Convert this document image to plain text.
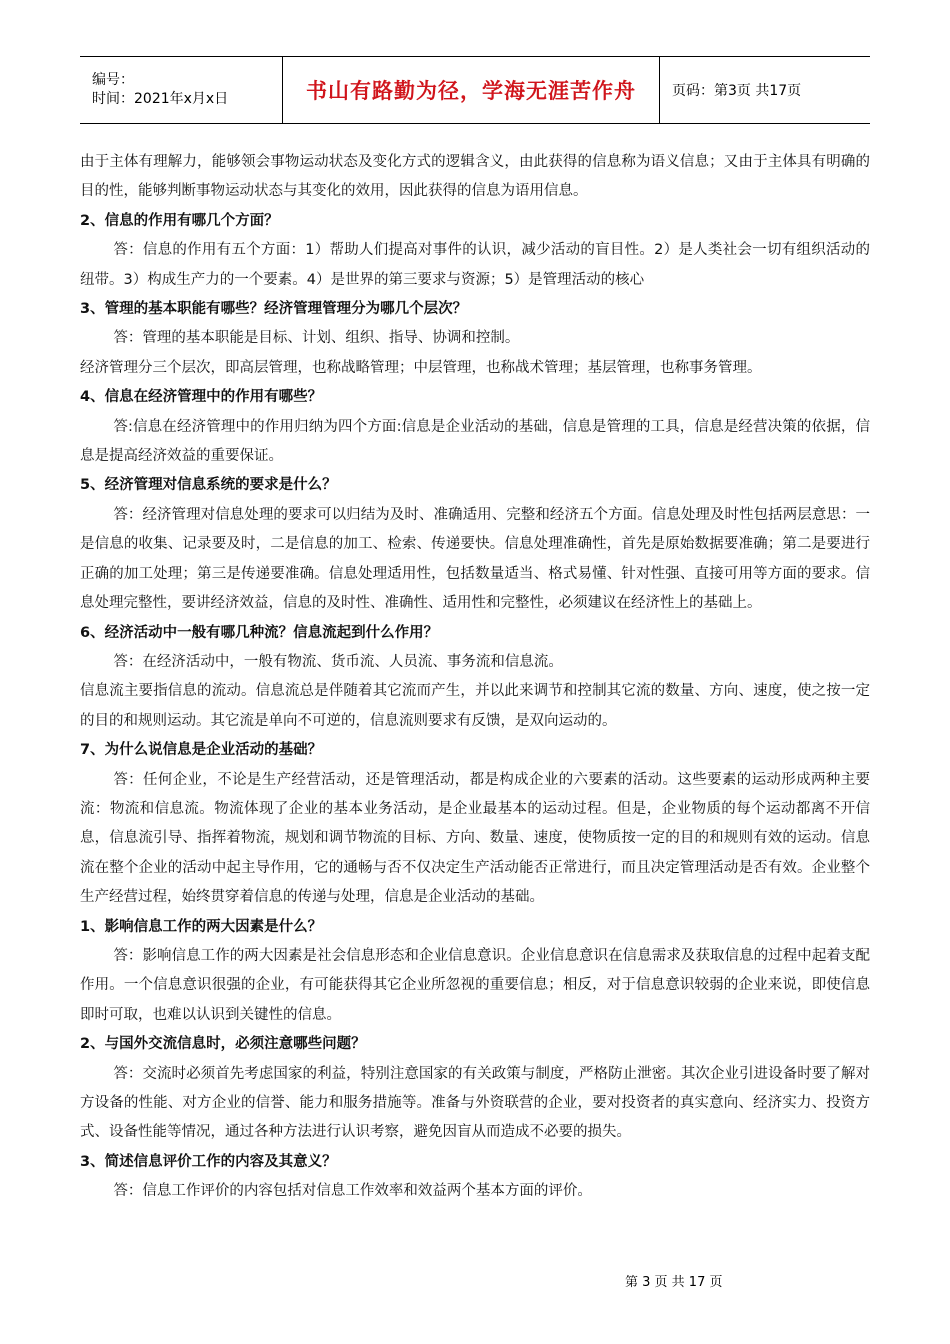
编号：
时间：2021年x月x日	书山有路勤为径，学海无涯苦作舟	页码：第3页 共17页

由于主体有理解力，能够领会事物运动状态及变化方式的逻辑含义，由此获得的信息称为语义信息；又由于主体具有明确的目的性，能够判断事物运动状态与其变化的效用，因此获得的信息为语用信息。

2、信息的作用有哪几个方面？

答：信息的作用有五个方面：1）帮助人们提高对事件的认识，减少活动的盲目性。2）是人类社会一切有组织活动的纽带。3）构成生产力的一个要素。4）是世界的第三要求与资源；5）是管理活动的核心

3、管理的基本职能有哪些？经济管理管理分为哪几个层次？

答：管理的基本职能是目标、计划、组织、指导、协调和控制。

经济管理分三个层次，即高层管理，也称战略管理；中层管理，也称战术管理；基层管理，也称事务管理。

4、信息在经济管理中的作用有哪些？

答:信息在经济管理中的作用归纳为四个方面:信息是企业活动的基础，信息是管理的工具，信息是经营决策的依据，信息是提高经济效益的重要保证。

5、经济管理对信息系统的要求是什么？

答：经济管理对信息处理的要求可以归结为及时、准确适用、完整和经济五个方面。信息处理及时性包括两层意思：一是信息的收集、记录要及时，二是信息的加工、检索、传递要快。信息处理准确性，首先是原始数据要准确；第二是要进行正确的加工处理；第三是传递要准确。信息处理适用性，包括数量适当、格式易懂、针对性强、直接可用等方面的要求。信息处理完整性，要讲经济效益，信息的及时性、准确性、适用性和完整性，必须建议在经济性上的基础上。

6、经济活动中一般有哪几种流？信息流起到什么作用？

答：在经济活动中，一般有物流、货币流、人员流、事务流和信息流。

信息流主要指信息的流动。信息流总是伴随着其它流而产生，并以此来调节和控制其它流的数量、方向、速度，使之按一定的目的和规则运动。其它流是单向不可逆的，信息流则要求有反馈，是双向运动的。

7、为什么说信息是企业活动的基础？

答：任何企业，不论是生产经营活动，还是管理活动，都是构成企业的六要素的活动。这些要素的运动形成两种主要流：物流和信息流。物流体现了企业的基本业务活动，是企业最基本的运动过程。但是，企业物质的每个运动都离不开信息，信息流引导、指挥着物流，规划和调节物流的目标、方向、数量、速度，使物质按一定的目的和规则有效的运动。信息流在整个企业的活动中起主导作用，它的通畅与否不仅决定生产活动能否正常进行，而且决定管理活动是否有效。企业整个生产经营过程，始终贯穿着信息的传递与处理，信息是企业活动的基础。

1、影响信息工作的两大因素是什么？

答：影响信息工作的两大因素是社会信息形态和企业信息意识。企业信息意识在信息需求及获取信息的过程中起着支配作用。一个信息意识很强的企业，有可能获得其它企业所忽视的重要信息；相反，对于信息意识较弱的企业来说，即使信息即时可取，也难以认识到关键性的信息。

2、与国外交流信息时，必须注意哪些问题？

答：交流时必须首先考虑国家的利益，特别注意国家的有关政策与制度，严格防止泄密。其次企业引进设备时要了解对方设备的性能、对方企业的信誉、能力和服务措施等。准备与外资联营的企业，要对投资者的真实意向、经济实力、投资方式、设备性能等情况，通过各种方法进行认识考察，避免因盲从而造成不必要的损失。

3、简述信息评价工作的内容及其意义？

答：信息工作评价的内容包括对信息工作效率和效益两个基本方面的评价。

第 3 页 共 17 页
